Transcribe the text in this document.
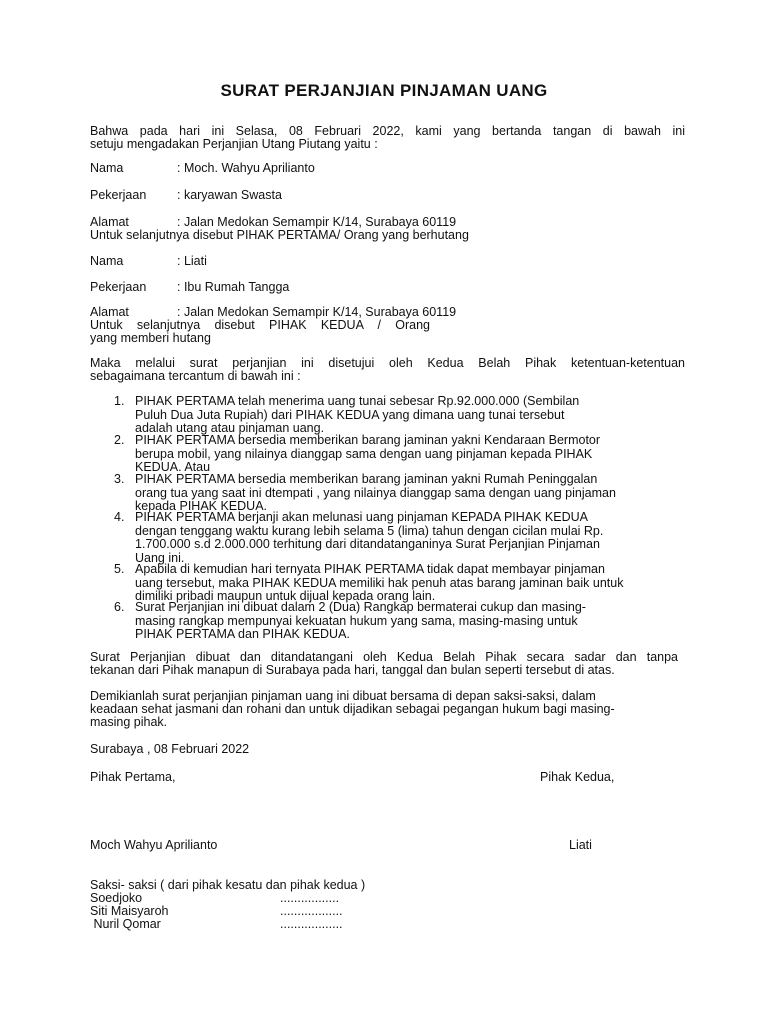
SURAT PERJANJIAN PINJAMAN UANG
Bahwa pada hari ini Selasa, 08 Februari 2022, kami yang bertanda tangan di bawah ini
setuju mengadakan Perjanjian Utang Piutang yaitu :
Nama	: Moch. Wahyu Aprilianto
Pekerjaan : karyawan Swasta
Alamat	: Jalan Medokan Semampir K/14, Surabaya 60119
Untuk selanjutnya disebut PIHAK PERTAMA/ Orang yang berhutang
Nama	: Liati
Pekerjaan : Ibu Rumah Tangga
Alamat	: Jalan Medokan Semampir K/14, Surabaya 60119
Untuk selanjutnya disebut PIHAK KEDUA / Orang
yang memberi hutang
Maka melalui surat perjanjian ini disetujui oleh Kedua Belah Pihak ketentuan-ketentuan
sebagaimana tercantum di bawah ini :
1. PIHAK PERTAMA telah menerima uang tunai sebesar Rp.92.000.000 (Sembilan
Puluh Dua Juta Rupiah) dari PIHAK KEDUA yang dimana uang tunai tersebut
adalah utang atau pinjaman uang.
2. PIHAK PERTAMA bersedia memberikan barang jaminan yakni Kendaraan Bermotor
berupa mobil, yang nilainya dianggap sama dengan uang pinjaman kepada PIHAK
KEDUA. Atau
3. PIHAK PERTAMA bersedia memberikan barang jaminan yakni Rumah Peninggalan
orang tua yang saat ini dtempati , yang nilainya dianggap sama dengan uang pinjaman
kepada PIHAK KEDUA.
4. PIHAK PERTAMA berjanji akan melunasi uang pinjaman KEPADA PIHAK KEDUA
dengan tenggang waktu kurang lebih selama 5 (lima) tahun dengan cicilan mulai Rp.
1.700.000 s.d 2.000.000 terhitung dari ditandatanganinya Surat Perjanjian Pinjaman
Uang ini.
5. Apabila di kemudian hari ternyata PIHAK PERTAMA tidak dapat membayar pinjaman
uang tersebut, maka PIHAK KEDUA memiliki hak penuh atas barang jaminan baik untuk
dimiliki pribadi maupun untuk dijual kepada orang lain.
6. Surat Perjanjian ini dibuat dalam 2 (Dua) Rangkap bermaterai cukup dan masing-
masing rangkap mempunyai kekuatan hukum yang sama, masing-masing untuk
PIHAK PERTAMA dan PIHAK KEDUA.
Surat Perjanjian dibuat dan ditandatangani oleh Kedua Belah Pihak secara sadar dan tanpa
tekanan dari Pihak manapun di Surabaya pada hari, tanggal dan bulan seperti tersebut di atas.
Demikianlah surat perjanjian pinjaman uang ini dibuat bersama di depan saksi-saksi, dalam
keadaan sehat jasmani dan rohani dan untuk dijadikan sebagai pegangan hukum bagi masing-
masing pihak.
Surabaya , 08 Februari 2022
Pihak Pertama,	Pihak Kedua,
Moch Wahyu Aprilianto	Liati
Saksi- saksi ( dari pihak kesatu dan pihak kedua )
Soedjoko	.................
Siti Maisyaroh	..................
Nuril Qomar	..................
